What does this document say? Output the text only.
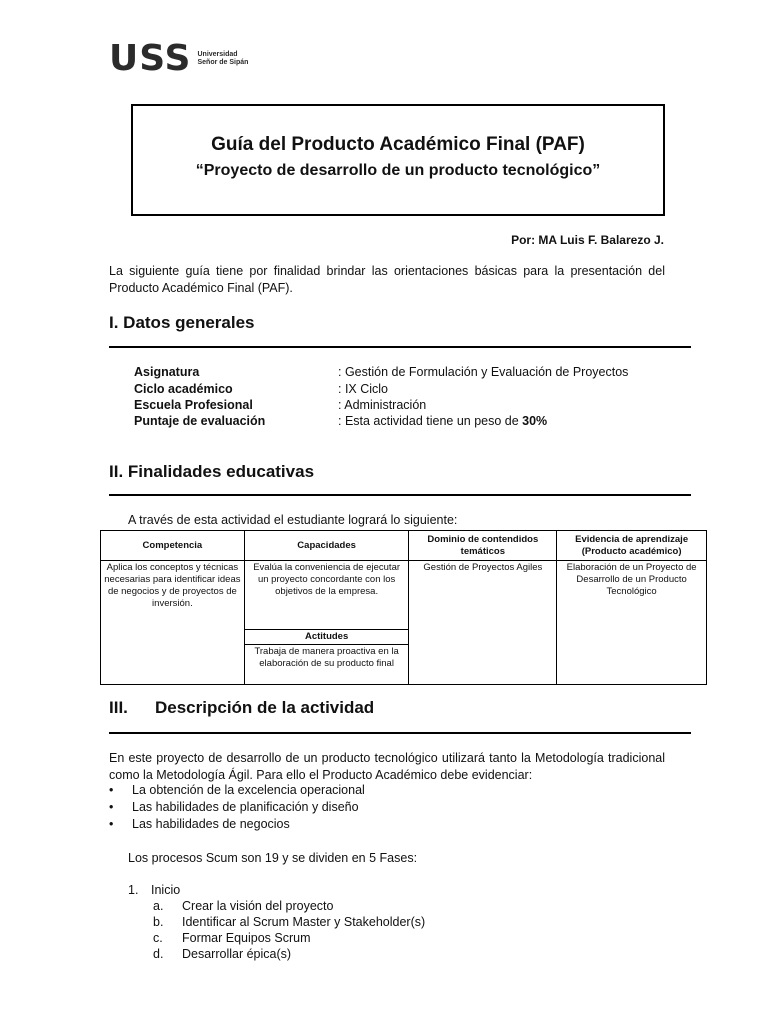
USS Universidad
Señor de Sipán
Guía del Producto Académico Final (PAF)
“Proyecto de desarrollo de un producto tecnológico”
Por: MA Luis F. Balarezo J.
La siguiente guía tiene por finalidad brindar las orientaciones básicas para la presentación del Producto Académico Final (PAF).
I. Datos generales
Asignatura	: Gestión de Formulación y Evaluación de Proyectos
Ciclo académico	: IX Ciclo
Escuela Profesional	: Administración
Puntaje de evaluación	: Esta actividad tiene un peso de 30%
II. Finalidades educativas
A través de esta actividad el estudiante logrará lo siguiente:
Competencia	Capacidades	Dominio de contendidos temáticos	Evidencia de aprendizaje (Producto académico)
Aplica los conceptos y técnicas necesarias para identificar ideas de negocios y de proyectos de inversión.	Evalúa la conveniencia de ejecutar un proyecto concordante con los objetivos de la empresa.	Gestión de Proyectos Agiles	Elaboración de un Proyecto de Desarrollo de un Producto Tecnológico
	Actitudes		
	Trabaja de manera proactiva en la elaboración de su producto final		
III. Descripción de la actividad
En este proyecto de desarrollo de un producto tecnológico utilizará tanto la Metodología tradicional como la Metodología Ágil. Para ello el Producto Académico debe evidenciar:
• La obtención de la excelencia operacional
• Las habilidades de planificación y diseño
• Las habilidades de negocios
Los procesos Scum son 19 y se dividen en 5 Fases:
1. Inicio
a. Crear la visión del proyecto
b. Identificar al Scrum Master y Stakeholder(s)
c. Formar Equipos Scrum
d. Desarrollar épica(s)
